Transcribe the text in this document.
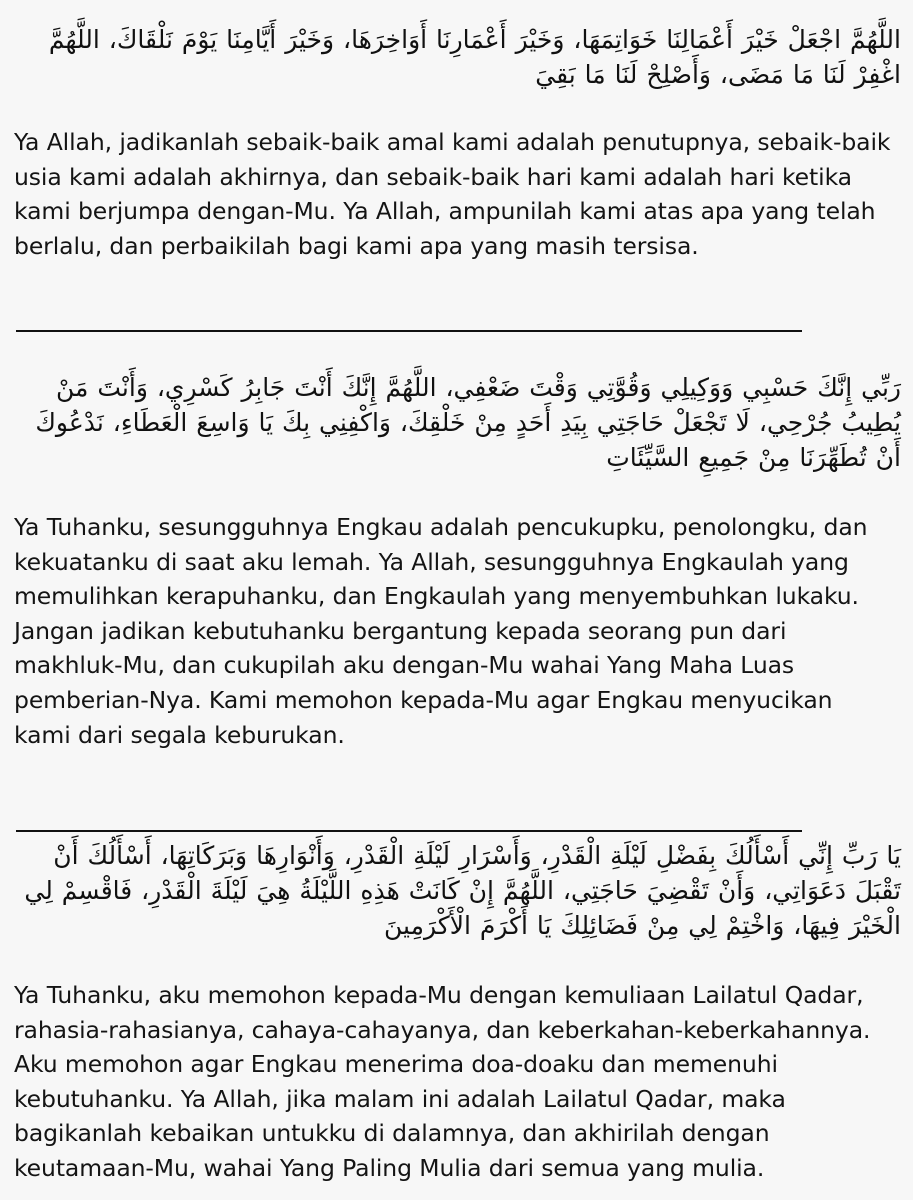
اللَّهُمَّ اجْعَلْ خَيْرَ أَعْمَالِنَا خَوَاتِمَهَا، وَخَيْرَ أَعْمَارِنَا أَوَاخِرَهَا، وَخَيْرَ أَيَّامِنَا يَوْمَ نَلْقَاكَ، اللَّهُمَّ اغْفِرْ لَنَا مَا مَضَى، وَأَصْلِحْ لَنَا مَا بَقِيَ

Ya Allah, jadikanlah sebaik-baik amal kami adalah penutupnya, sebaik-baik usia kami adalah akhirnya, dan sebaik-baik hari kami adalah hari ketika kami berjumpa dengan-Mu. Ya Allah, ampunilah kami atas apa yang telah berlalu, dan perbaikilah bagi kami apa yang masih tersisa.

رَبِّي إِنَّكَ حَسْبِي وَوَكِيلِي وَقُوَّتِي وَقْتَ ضَعْفِي، اللَّهُمَّ إِنَّكَ أَنْتَ جَابِرُ كَسْرِي، وَأَنْتَ مَنْ يُطِيبُ جُرْحِي، لَا تَجْعَلْ حَاجَتِي بِيَدِ أَحَدٍ مِنْ خَلْقِكَ، وَاكْفِنِي بِكَ يَا وَاسِعَ الْعَطَاءِ، نَدْعُوكَ أَنْ تُطَهِّرَنَا مِنْ جَمِيعِ السَّيِّئَاتِ

Ya Tuhanku, sesungguhnya Engkau adalah pencukupku, penolongku, dan kekuatanku di saat aku lemah. Ya Allah, sesungguhnya Engkaulah yang memulihkan kerapuhanku, dan Engkaulah yang menyembuhkan lukaku. Jangan jadikan kebutuhanku bergantung kepada seorang pun dari makhluk-Mu, dan cukupilah aku dengan-Mu wahai Yang Maha Luas pemberian-Nya. Kami memohon kepada-Mu agar Engkau menyucikan kami dari segala keburukan.

يَا رَبِّ إِنِّي أَسْأَلُكَ بِفَضْلِ لَيْلَةِ الْقَدْرِ، وَأَسْرَارِ لَيْلَةِ الْقَدْرِ، وَأَنْوَارِهَا وَبَرَكَاتِهَا، أَسْأَلُكَ أَنْ تَقْبَلَ دَعَوَاتِي، وَأَنْ تَقْضِيَ حَاجَتِي، اللَّهُمَّ إِنْ كَانَتْ هَذِهِ اللَّيْلَةُ هِيَ لَيْلَةَ الْقَدْرِ، فَاقْسِمْ لِي الْخَيْرَ فِيهَا، وَاخْتِمْ لِي مِنْ فَضَائِلِكَ يَا أَكْرَمَ الْأَكْرَمِينَ

Ya Tuhanku, aku memohon kepada-Mu dengan kemuliaan Lailatul Qadar, rahasia-rahasianya, cahaya-cahayanya, dan keberkahan-keberkahannya. Aku memohon agar Engkau menerima doa-doaku dan memenuhi kebutuhanku. Ya Allah, jika malam ini adalah Lailatul Qadar, maka bagikanlah kebaikan untukku di dalamnya, dan akhirilah dengan keutamaan-Mu, wahai Yang Paling Mulia dari semua yang mulia.
